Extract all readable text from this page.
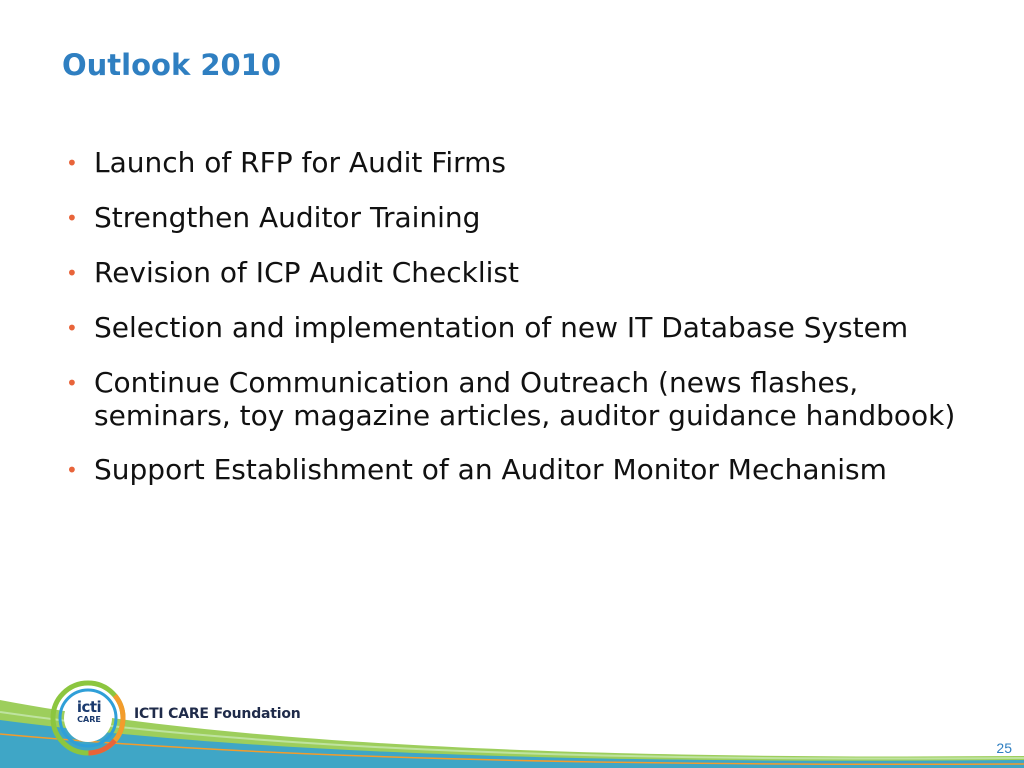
Outlook 2010
• Launch of RFP for Audit Firms
• Strengthen Auditor Training
• Revision of ICP Audit Checklist
• Selection and implementation of new IT Database System
• Continue Communication and Outreach (news flashes, seminars, toy magazine articles, auditor guidance handbook)
• Support Establishment of an Auditor Monitor Mechanism
icti
CARE	ICTI CARE Foundation
25
